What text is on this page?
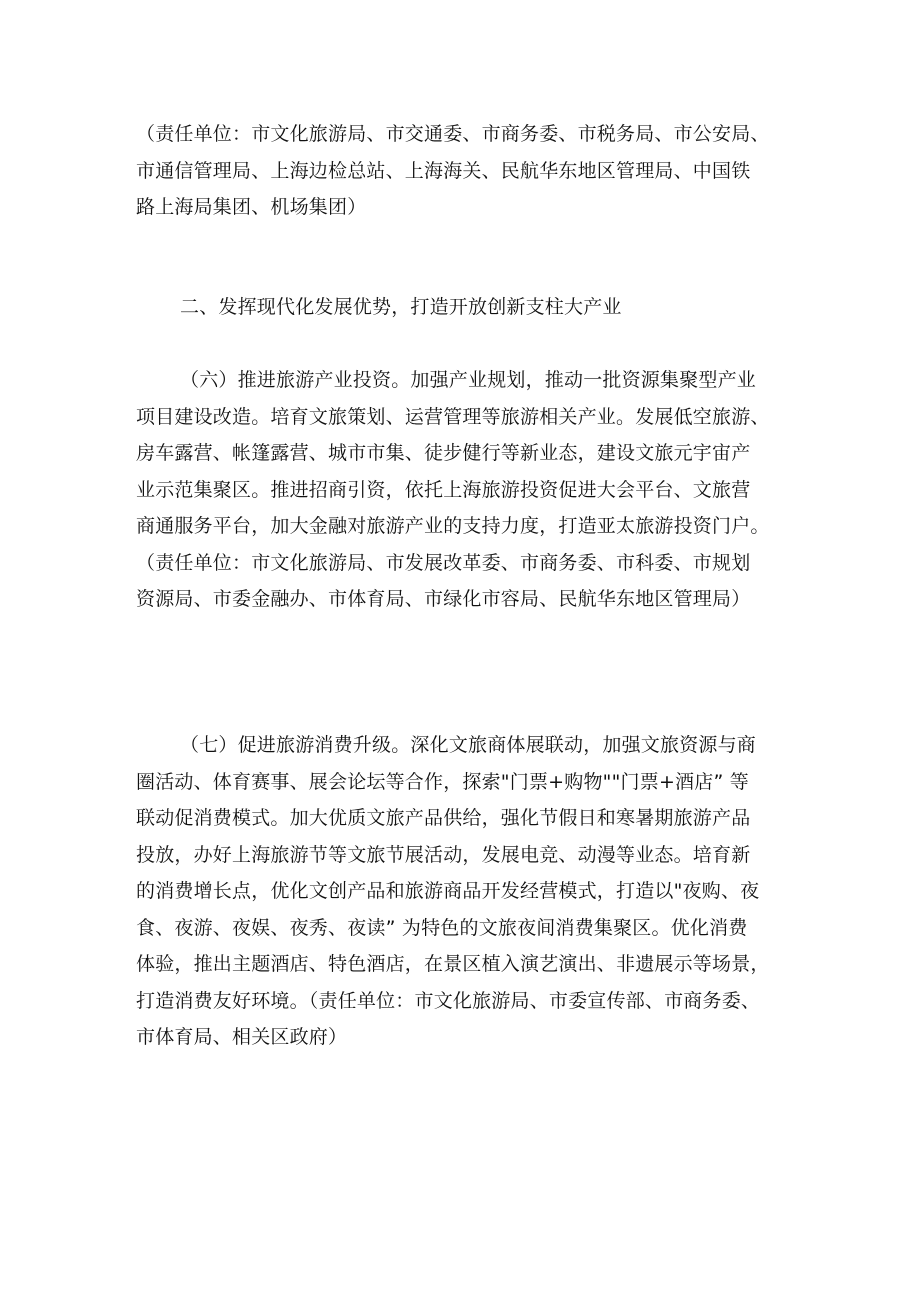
（责任单位：市文化旅游局、市交通委、市商务委、市税务局、市公安局、
市通信管理局、上海边检总站、上海海关、民航华东地区管理局、中国铁
路上海局集团、机场集团）
二、发挥现代化发展优势，打造开放创新支柱大产业
（六）推进旅游产业投资。加强产业规划，推动一批资源集聚型产业
项目建设改造。培育文旅策划、运营管理等旅游相关产业。发展低空旅游、
房车露营、帐篷露营、城市市集、徒步健行等新业态，建设文旅元宇宙产
业示范集聚区。推进招商引资，依托上海旅游投资促进大会平台、文旅营
商通服务平台，加大金融对旅游产业的支持力度，打造亚太旅游投资门户。
（责任单位：市文化旅游局、市发展改革委、市商务委、市科委、市规划
资源局、市委金融办、市体育局、市绿化市容局、民航华东地区管理局）
（七）促进旅游消费升级。深化文旅商体展联动，加强文旅资源与商
圈活动、体育赛事、展会论坛等合作，探索"门票+购物""门票+酒店” 等
联动促消费模式。加大优质文旅产品供给，强化节假日和寒暑期旅游产品
投放，办好上海旅游节等文旅节展活动，发展电竞、动漫等业态。培育新
的消费增长点，优化文创产品和旅游商品开发经营模式，打造以"夜购、夜
食、夜游、夜娱、夜秀、夜读” 为特色的文旅夜间消费集聚区。优化消费
体验，推出主题酒店、特色酒店，在景区植入演艺演出、非遗展示等场景，
打造消费友好环境。（责任单位：市文化旅游局、市委宣传部、市商务委、
市体育局、相关区政府）
